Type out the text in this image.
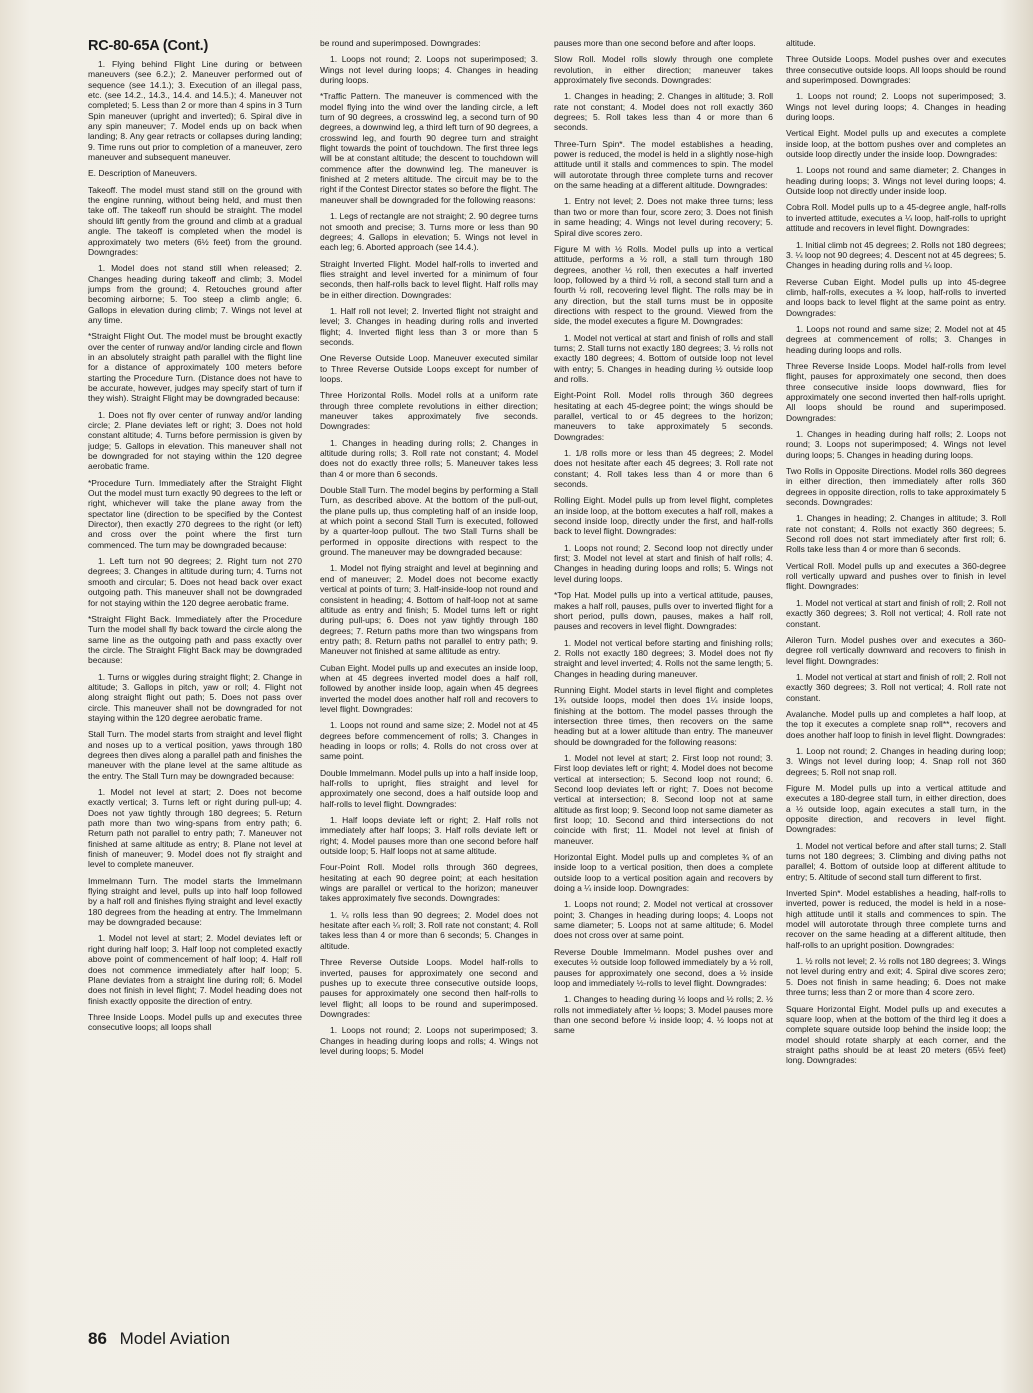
RC-80-65A (Cont.)

1. Flying behind Flight Line during or between maneuvers (see 6.2.); 2. Maneuver performed out of sequence (see 14.1.); 3. Execution of an illegal pass, etc. (see 14.2., 14.3., 14.4. and 14.5.); 4. Maneuver not completed; 5. Less than 2 or more than 4 spins in 3 Turn Spin maneuver (upright and inverted); 6. Spiral dive in any spin maneuver; 7. Model ends up on back when landing; 8. Any gear retracts or collapses during landing; 9. Time runs out prior to completion of a maneuver, zero maneuver and subsequent maneuver.

E. Description of Maneuvers.

Takeoff. The model must stand still on the ground with the engine running, without being held, and must then take off. The takeoff run should be straight. The model should lift gently from the ground and climb at a gradual angle. The takeoff is completed when the model is approximately two meters (6½ feet) from the ground. Downgrades:

1. Model does not stand still when released; 2. Changes heading during takeoff and climb; 3. Model jumps from the ground; 4. Retouches ground after becoming airborne; 5. Too steep a climb angle; 6. Gallops in elevation during climb; 7. Wings not level at any time.

*Straight Flight Out. The model must be brought exactly over the center of runway and/or landing circle and flown in an absolutely straight path parallel with the flight line for a distance of approximately 100 meters before starting the Procedure Turn. (Distance does not have to be accurate, however, judges may specify start of turn if they wish). Straight Flight may be downgraded because:

1. Does not fly over center of runway and/or landing circle; 2. Plane deviates left or right; 3. Does not hold constant altitude; 4. Turns before permission is given by judge; 5. Gallops in elevation. This maneuver shall not be downgraded for not staying within the 120 degree aerobatic frame.

*Procedure Turn. Immediately after the Straight Flight Out the model must turn exactly 90 degrees to the left or right, whichever will take the plane away from the spectator line (direction to be specified by the Contest Director), then exactly 270 degrees to the right (or left) and cross over the point where the first turn commenced. The turn may be downgraded because:

1. Left turn not 90 degrees; 2. Right turn not 270 degrees; 3. Changes in altitude during turn; 4. Turns not smooth and circular; 5. Does not head back over exact outgoing path. This maneuver shall not be downgraded for not staying within the 120 degree aerobatic frame.

*Straight Flight Back. Immediately after the Procedure Turn the model shall fly back toward the circle along the same line as the outgoing path and pass exactly over the circle. The Straight Flight Back may be downgraded because:

1. Turns or wiggles during straight flight; 2. Change in altitude; 3. Gallops in pitch, yaw or roll; 4. Flight not along straight flight out path; 5. Does not pass over circle. This maneuver shall not be downgraded for not staying within the 120 degree aerobatic frame.

Stall Turn. The model starts from straight and level flight and noses up to a vertical position, yaws through 180 degrees then dives along a parallel path and finishes the maneuver with the plane level at the same altitude as the entry. The Stall Turn may be downgraded because:

1. Model not level at start; 2. Does not become exactly vertical; 3. Turns left or right during pull-up; 4. Does not yaw tightly through 180 degrees; 5. Return path more than two wing-spans from entry path; 6. Return path not parallel to entry path; 7. Maneuver not finished at same altitude as entry; 8. Plane not level at finish of maneuver; 9. Model does not fly straight and level to complete maneuver.

Immelmann Turn. The model starts the Immelmann flying straight and level, pulls up into half loop followed by a half roll and finishes flying straight and level exactly 180 degrees from the heading at entry. The Immelmann may be downgraded because:

1. Model not level at start; 2. Model deviates left or right during half loop; 3. Half loop not completed exactly above point of commencement of half loop; 4. Half roll does not commence immediately after half loop; 5. Plane deviates from a straight line during roll; 6. Model does not finish in level flight; 7. Model heading does not finish exactly opposite the direction of entry.

Three Inside Loops. Model pulls up and executes three consecutive loops; all loops shall

be round and superimposed. Downgrades:

1. Loops not round; 2. Loops not superimposed; 3. Wings not level during loops; 4. Changes in heading during loops.

*Traffic Pattern. The maneuver is commenced with the model flying into the wind over the landing circle, a left turn of 90 degrees, a crosswind leg, a second turn of 90 degrees, a downwind leg, a third left turn of 90 degrees, a crosswind leg, and fourth 90 degree turn and straight flight towards the point of touchdown. The first three legs will be at constant altitude; the descent to touchdown will commence after the downwind leg. The maneuver is finished at 2 meters altitude. The circuit may be to the right if the Contest Director states so before the flight. The maneuver shall be downgraded for the following reasons:

1. Legs of rectangle are not straight; 2. 90 degree turns not smooth and precise; 3. Turns more or less than 90 degrees; 4. Gallops in elevation; 5. Wings not level in each leg; 6. Aborted approach (see 14.4.).

Straight Inverted Flight. Model half-rolls to inverted and flies straight and level inverted for a minimum of four seconds, then half-rolls back to level flight. Half rolls may be in either direction. Downgrades:

1. Half roll not level; 2. Inverted flight not straight and level; 3. Changes in heading during rolls and inverted flight; 4. Inverted flight less than 3 or more than 5 seconds.

One Reverse Outside Loop. Maneuver executed similar to Three Reverse Outside Loops except for number of loops.

Three Horizontal Rolls. Model rolls at a uniform rate through three complete revolutions in either direction; maneuver takes approximately five seconds. Downgrades:

1. Changes in heading during rolls; 2. Changes in altitude during rolls; 3. Roll rate not constant; 4. Model does not do exactly three rolls; 5. Maneuver takes less than 4 or more than 6 seconds.

Double Stall Turn. The model begins by performing a Stall Turn, as described above. At the bottom of the pull-out, the plane pulls up, thus completing half of an inside loop, at which point a second Stall Turn is executed, followed by a quarter-loop pullout. The two Stall Turns shall be performed in opposite directions with respect to the ground. The maneuver may be downgraded because:

1. Model not flying straight and level at beginning and end of maneuver; 2. Model does not become exactly vertical at points of turn; 3. Half-inside-loop not round and consistent in heading; 4. Bottom of half-loop not at same altitude as entry and finish; 5. Model turns left or right during pull-ups; 6. Does not yaw tightly through 180 degrees; 7. Return paths more than two wingspans from entry path; 8. Return paths not parallel to entry path; 9. Maneuver not finished at same altitude as entry.

Cuban Eight. Model pulls up and executes an inside loop, when at 45 degrees inverted model does a half roll, followed by another inside loop, again when 45 degrees inverted the model does another half roll and recovers to level flight. Downgrades:

1. Loops not round and same size; 2. Model not at 45 degrees before commencement of rolls; 3. Changes in heading in loops or rolls; 4. Rolls do not cross over at same point.

Double Immelmann. Model pulls up into a half inside loop, half-rolls to upright, flies straight and level for approximately one second, does a half outside loop and half-rolls to level flight. Downgrades:

1. Half loops deviate left or right; 2. Half rolls not immediately after half loops; 3. Half rolls deviate left or right; 4. Model pauses more than one second before half outside loop; 5. Half loops not at same altitude.

Four-Point Roll. Model rolls through 360 degrees, hesitating at each 90 degree point; at each hesitation wings are parallel or vertical to the horizon; maneuver takes approximately five seconds. Downgrades:

1. ¼ rolls less than 90 degrees; 2. Model does not hesitate after each ¼ roll; 3. Roll rate not constant; 4. Roll takes less than 4 or more than 6 seconds; 5. Changes in altitude.

Three Reverse Outside Loops. Model half-rolls to inverted, pauses for approximately one second and pushes up to execute three consecutive outside loops, pauses for approximately one second then half-rolls to level flight; all loops to be round and superimposed. Downgrades:

1. Loops not round; 2. Loops not superimposed; 3. Changes in heading during loops and rolls; 4. Wings not level during loops; 5. Model

pauses more than one second before and after loops.

Slow Roll. Model rolls slowly through one complete revolution, in either direction; maneuver takes approximately five seconds. Downgrades:

1. Changes in heading; 2. Changes in altitude; 3. Roll rate not constant; 4. Model does not roll exactly 360 degrees; 5. Roll takes less than 4 or more than 6 seconds.

Three-Turn Spin*. The model establishes a heading, power is reduced, the model is held in a slightly nose-high attitude until it stalls and commences to spin. The model will autorotate through three complete turns and recover on the same heading at a different altitude. Downgrades:

1. Entry not level; 2. Does not make three turns; less than two or more than four, score zero; 3. Does not finish in same heading; 4. Wings not level during recovery; 5. Spiral dive scores zero.

Figure M with ½ Rolls. Model pulls up into a vertical attitude, performs a ½ roll, a stall turn through 180 degrees, another ½ roll, then executes a half inverted loop, followed by a third ½ roll, a second stall turn and a fourth ½ roll, recovering level flight. The rolls may be in any direction, but the stall turns must be in opposite directions with respect to the ground. Viewed from the side, the model executes a figure M. Downgrades:

1. Model not vertical at start and finish of rolls and stall turns; 2. Stall turns not exactly 180 degrees; 3. ½ rolls not exactly 180 degrees; 4. Bottom of outside loop not level with entry; 5. Changes in heading during ½ outside loop and rolls.

Eight-Point Roll. Model rolls through 360 degrees hesitating at each 45-degree point; the wings should be parallel, vertical to or 45 degrees to the horizon; maneuvers to take approximately 5 seconds. Downgrades:

1. 1/8 rolls more or less than 45 degrees; 2. Model does not hesitate after each 45 degrees; 3. Roll rate not constant; 4. Roll takes less than 4 or more than 6 seconds.

Rolling Eight. Model pulls up from level flight, completes an inside loop, at the bottom executes a half roll, makes a second inside loop, directly under the first, and half-rolls back to level flight. Downgrades:

1. Loops not round; 2. Second loop not directly under first; 3. Model not level at start and finish of half rolls; 4. Changes in heading during loops and rolls; 5. Wings not level during loops.

*Top Hat. Model pulls up into a vertical attitude, pauses, makes a half roll, pauses, pulls over to inverted flight for a short period, pulls down, pauses, makes a half roll, pauses and recovers in level flight. Downgrades:

1. Model not vertical before starting and finishing rolls; 2. Rolls not exactly 180 degrees; 3. Model does not fly straight and level inverted; 4. Rolls not the same length; 5. Changes in heading during maneuver.

Running Eight. Model starts in level flight and completes 1¾ outside loops, model then does 1¼ inside loops, finishing at the bottom. The model passes through the intersection three times, then recovers on the same heading but at a lower altitude than entry. The maneuver should be downgraded for the following reasons:

1. Model not level at start; 2. First loop not round; 3. First loop deviates left or right; 4. Model does not become vertical at intersection; 5. Second loop not round; 6. Second loop deviates left or right; 7. Does not become vertical at intersection; 8. Second loop not at same altitude as first loop; 9. Second loop not same diameter as first loop; 10. Second and third intersections do not coincide with first; 11. Model not level at finish of maneuver.

Horizontal Eight. Model pulls up and completes ¾ of an inside loop to a vertical position, then does a complete outside loop to a vertical position again and recovers by doing a ¼ inside loop. Downgrades:

1. Loops not round; 2. Model not vertical at crossover point; 3. Changes in heading during loops; 4. Loops not same diameter; 5. Loops not at same altitude; 6. Model does not cross over at same point.

Reverse Double Immelmann. Model pushes over and executes ½ outside loop followed immediately by a ½ roll, pauses for approximately one second, does a ½ inside loop and immediately ½-rolls to level flight. Downgrades:

1. Changes to heading during ½ loops and ½ rolls; 2. ½ rolls not immediately after ½ loops; 3. Model pauses more than one second before ½ inside loop; 4. ½ loops not at same

altitude.

Three Outside Loops. Model pushes over and executes three consecutive outside loops. All loops should be round and superimposed. Downgrades:

1. Loops not round; 2. Loops not superimposed; 3. Wings not level during loops; 4. Changes in heading during loops.

Vertical Eight. Model pulls up and executes a complete inside loop, at the bottom pushes over and completes an outside loop directly under the inside loop. Downgrades:

1. Loops not round and same diameter; 2. Changes in heading during loops; 3. Wings not level during loops; 4. Outside loop not directly under inside loop.

Cobra Roll. Model pulls up to a 45-degree angle, half-rolls to inverted attitude, executes a ¼ loop, half-rolls to upright attitude and recovers in level flight. Downgrades:

1. Initial climb not 45 degrees; 2. Rolls not 180 degrees; 3. ¼ loop not 90 degrees; 4. Descent not at 45 degrees; 5. Changes in heading during rolls and ¼ loop.

Reverse Cuban Eight. Model pulls up into 45-degree climb, half-rolls, executes a ¾ loop, half-rolls to inverted and loops back to level flight at the same point as entry. Downgrades:

1. Loops not round and same size; 2. Model not at 45 degrees at commencement of rolls; 3. Changes in heading during loops and rolls.

Three Reverse Inside Loops. Model half-rolls from level flight, pauses for approximately one second, then does three consecutive inside loops downward, flies for approximately one second inverted then half-rolls upright. All loops should be round and superimposed. Downgrades:

1. Changes in heading during half rolls; 2. Loops not round; 3. Loops not superimposed; 4. Wings not level during loops; 5. Changes in heading during loops.

Two Rolls in Opposite Directions. Model rolls 360 degrees in either direction, then immediately after rolls 360 degrees in opposite direction, rolls to take approximately 5 seconds. Downgrades:

1. Changes in heading; 2. Changes in altitude; 3. Roll rate not constant; 4. Rolls not exactly 360 degrees; 5. Second roll does not start immediately after first roll; 6. Rolls take less than 4 or more than 6 seconds.

Vertical Roll. Model pulls up and executes a 360-degree roll vertically upward and pushes over to finish in level flight. Downgrades:

1. Model not vertical at start and finish of roll; 2. Roll not exactly 360 degrees; 3. Roll not vertical; 4. Roll rate not constant.

Aileron Turn. Model pushes over and executes a 360-degree roll vertically downward and recovers to finish in level flight. Downgrades:

1. Model not vertical at start and finish of roll; 2. Roll not exactly 360 degrees; 3. Roll not vertical; 4. Roll rate not constant.

Avalanche. Model pulls up and completes a half loop, at the top it executes a complete snap roll**, recovers and does another half loop to finish in level flight. Downgrades:

1. Loop not round; 2. Changes in heading during loop; 3. Wings not level during loop; 4. Snap roll not 360 degrees; 5. Roll not snap roll.

Figure M. Model pulls up into a vertical attitude and executes a 180-degree stall turn, in either direction, does a ½ outside loop, again executes a stall turn, in the opposite direction, and recovers in level flight. Downgrades:

1. Model not vertical before and after stall turns; 2. Stall turns not 180 degrees; 3. Climbing and diving paths not parallel; 4. Bottom of outside loop at different altitude to entry; 5. Altitude of second stall turn different to first.

Inverted Spin*. Model establishes a heading, half-rolls to inverted, power is reduced, the model is held in a nose-high attitude until it stalls and commences to spin. The model will autorotate through three complete turns and recover on the same heading at a different altitude, then half-rolls to an upright position. Downgrades:

1. ½ rolls not level; 2. ½ rolls not 180 degrees; 3. Wings not level during entry and exit; 4. Spiral dive scores zero; 5. Does not finish in same heading; 6. Does not make three turns; less than 2 or more than 4 score zero.

Square Horizontal Eight. Model pulls up and executes a square loop, when at the bottom of the third leg it does a complete square outside loop behind the inside loop; the model should rotate sharply at each corner, and the straight paths should be at least 20 meters (65½ feet) long. Downgrades:

86 Model Aviation
